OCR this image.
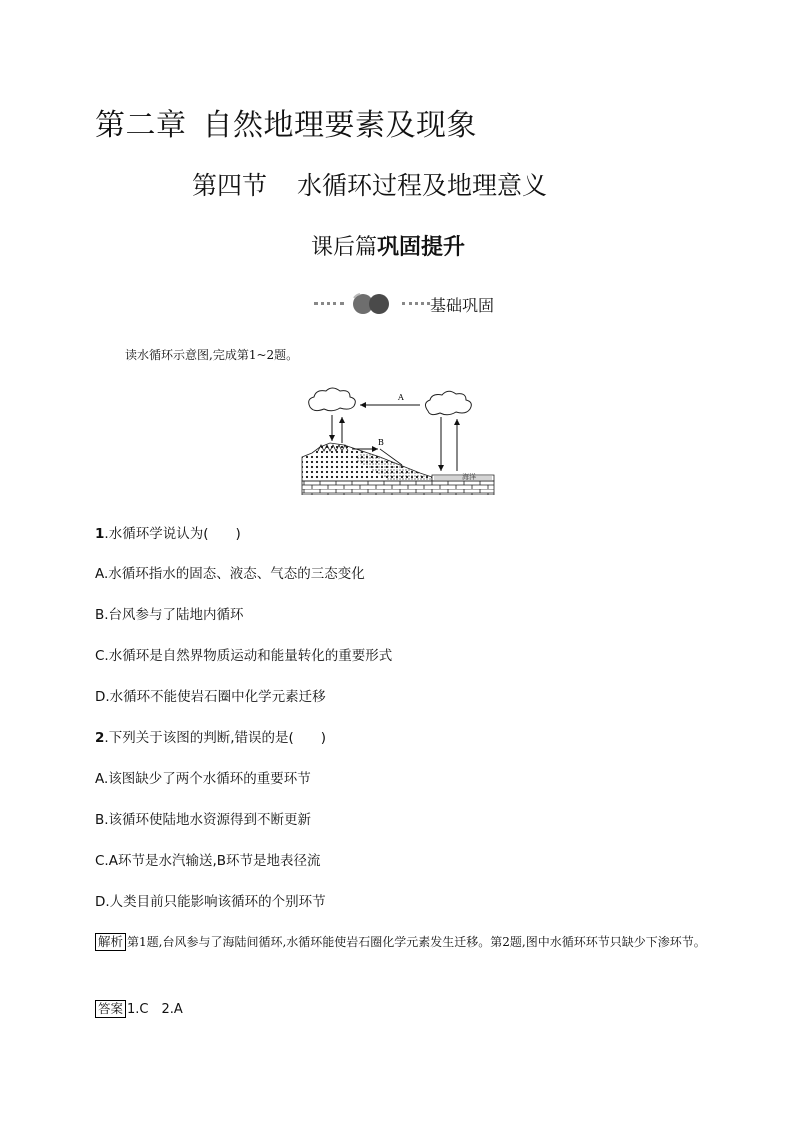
第二章 自然地理要素及现象
第四节 水循环过程及地理意义
课后篇巩固提升
基础巩固
读水循环示意图,完成第1~2题。
A
B
海洋
1.水循环学说认为(　　)
A.水循环指水的固态、液态、气态的三态变化
B.台风参与了陆地内循环
C.水循环是自然界物质运动和能量转化的重要形式
D.水循环不能使岩石圈中化学元素迁移
2.下列关于该图的判断,错误的是(　　)
A.该图缺少了两个水循环的重要环节
B.该循环使陆地水资源得到不断更新
C.A环节是水汽输送,B环节是地表径流
D.人类目前只能影响该循环的个别环节
解析 第1题,台风参与了海陆间循环,水循环能使岩石圈化学元素发生迁移。第2题,图中水循环环节只缺少下渗环节。
答案 1.C　2.A
